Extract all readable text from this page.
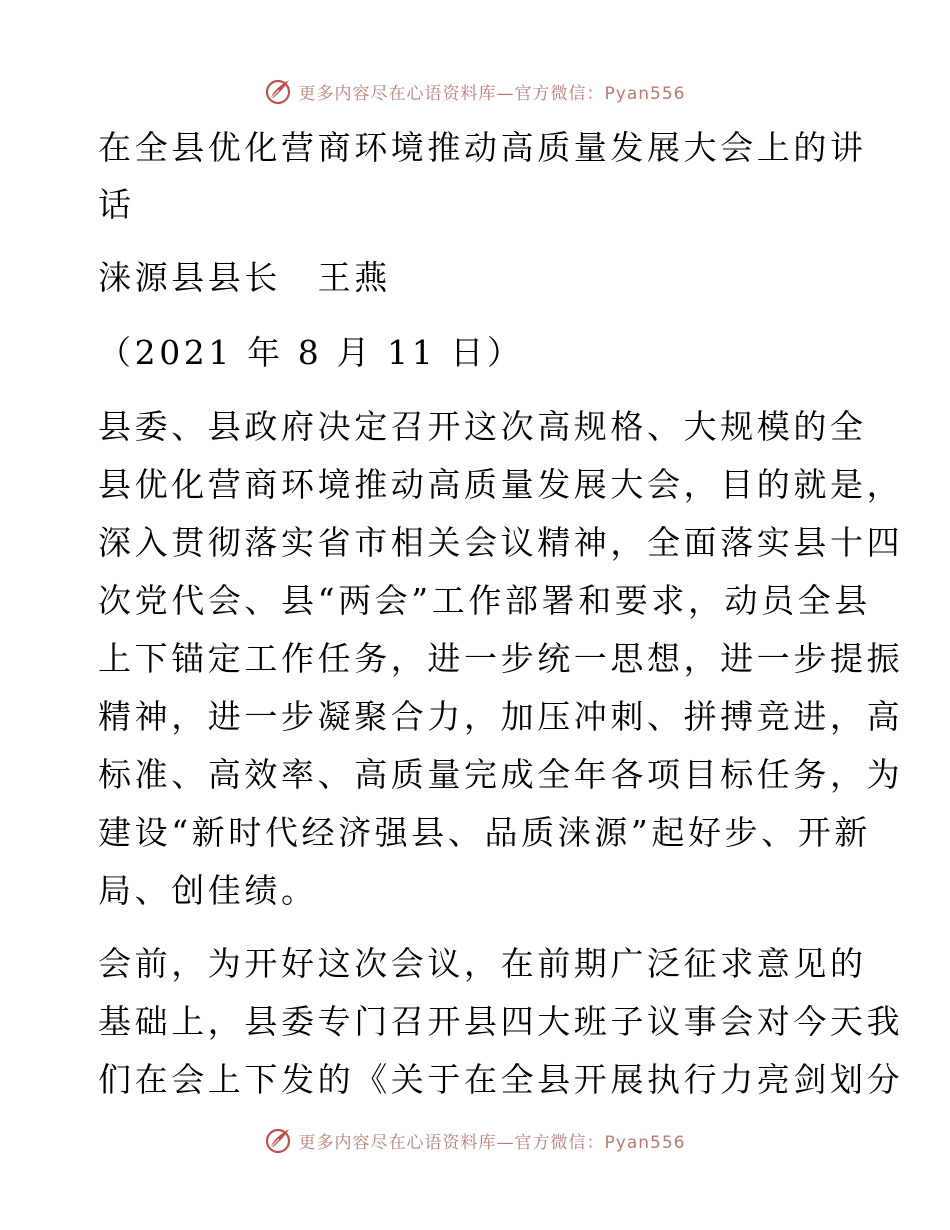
更多内容尽在心语资料库—官方微信：Pyan556
在全县优化营商环境推动高质量发展大会上的讲
话
涞源县县长　王燕
（2021 年 8 月 11 日）
县委、县政府决定召开这次高规格、大规模的全
县优化营商环境推动高质量发展大会，目的就是，
深入贯彻落实省市相关会议精神，全面落实县十四
次党代会、县“两会”工作部署和要求，动员全县
上下锚定工作任务，进一步统一思想，进一步提振
精神，进一步凝聚合力，加压冲刺、拼搏竞进，高
标准、高效率、高质量完成全年各项目标任务，为
建设“新时代经济强县、品质涞源”起好步、开新
局、创佳绩。
会前，为开好这次会议，在前期广泛征求意见的
基础上，县委专门召开县四大班子议事会对今天我
们在会上下发的《关于在全县开展执行力亮剑划分
更多内容尽在心语资料库—官方微信：Pyan556
